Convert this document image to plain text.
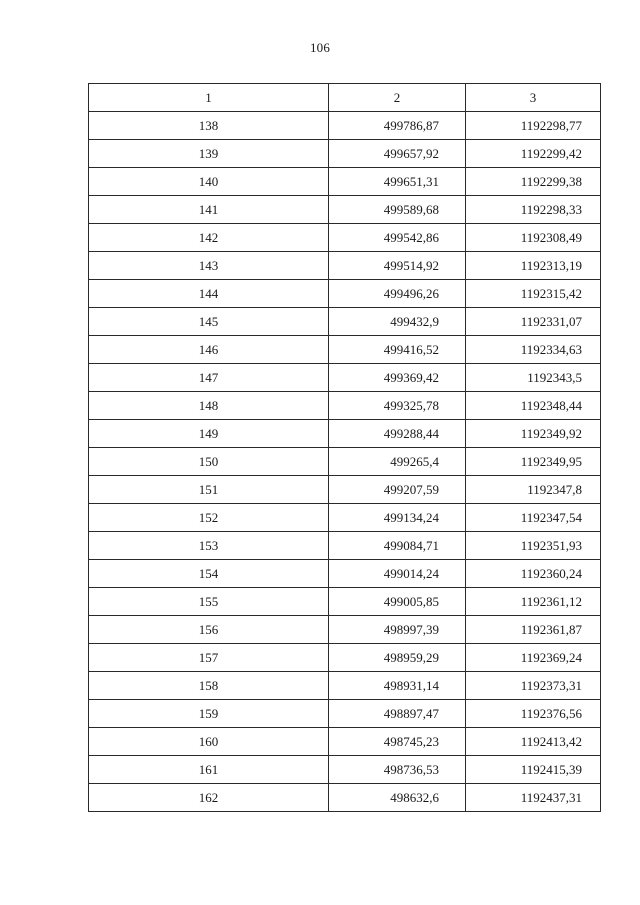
106
1	2	3
138	499786,87	1192298,77
139	499657,92	1192299,42
140	499651,31	1192299,38
141	499589,68	1192298,33
142	499542,86	1192308,49
143	499514,92	1192313,19
144	499496,26	1192315,42
145	499432,9	1192331,07
146	499416,52	1192334,63
147	499369,42	1192343,5
148	499325,78	1192348,44
149	499288,44	1192349,92
150	499265,4	1192349,95
151	499207,59	1192347,8
152	499134,24	1192347,54
153	499084,71	1192351,93
154	499014,24	1192360,24
155	499005,85	1192361,12
156	498997,39	1192361,87
157	498959,29	1192369,24
158	498931,14	1192373,31
159	498897,47	1192376,56
160	498745,23	1192413,42
161	498736,53	1192415,39
162	498632,6	1192437,31
